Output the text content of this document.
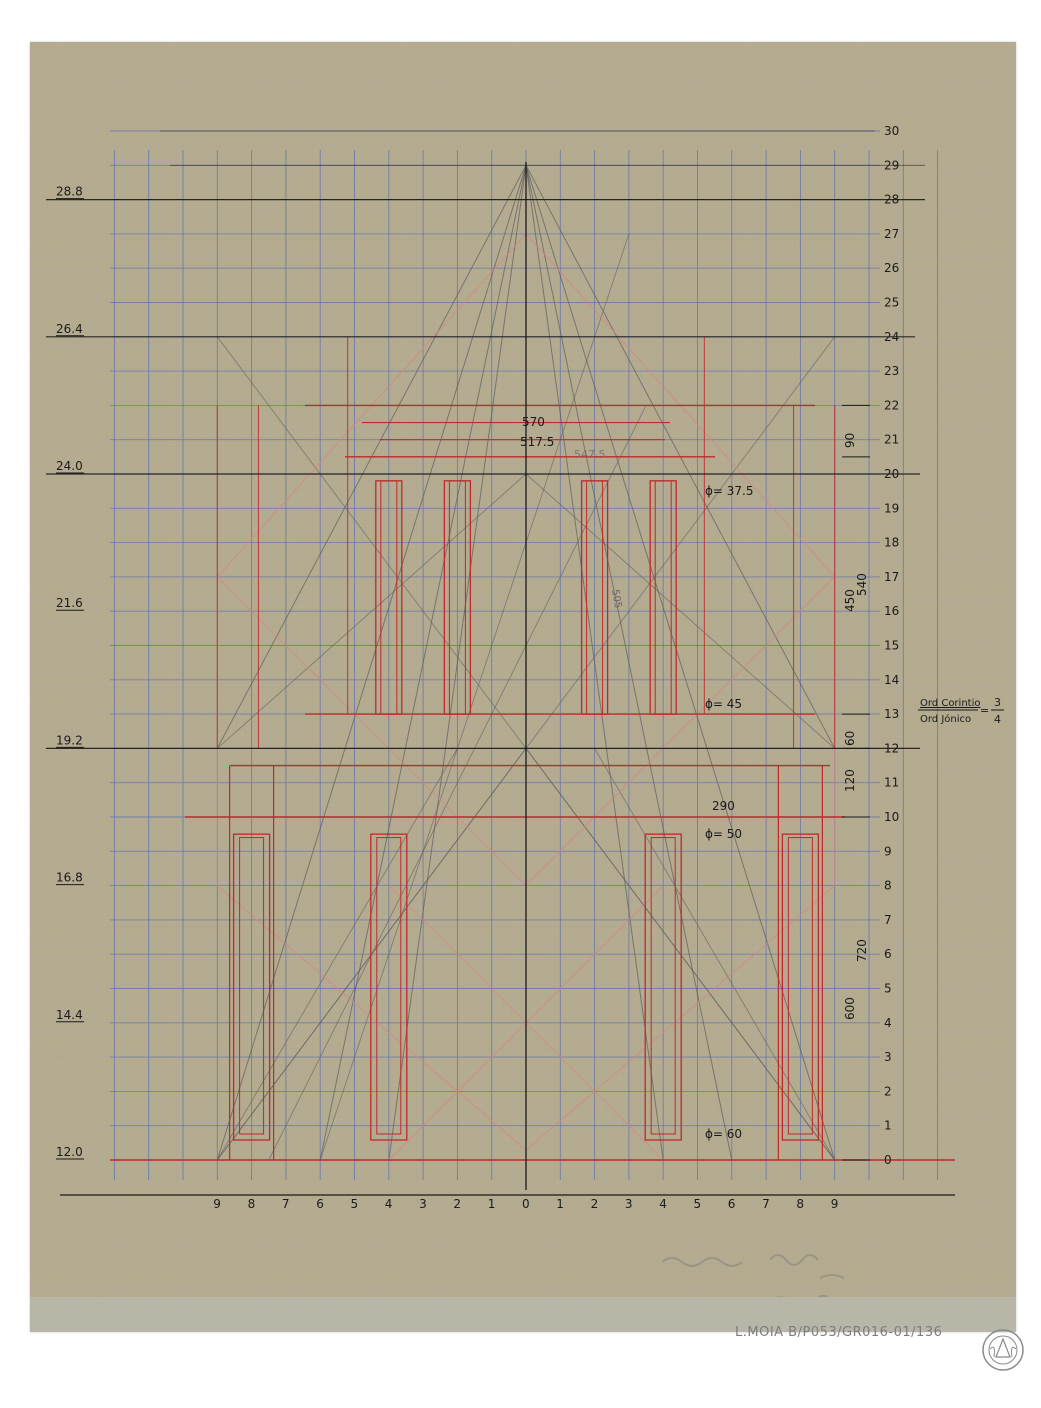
570
517.5
547.5
505
ϕ= 37.5
ϕ= 45
290
ϕ= 50
ϕ= 60
90
450
540
60
120
720
600
Ord Corintio
Ord Jónico
=
3
4
30
29
28
27
26
25
24
23
22
21
20
19
18
17
16
15
14
13
12
11
10
9
8
7
6
5
4
3
2
1
0
9 8 7 6 5 4 3 2 1 0 1 2 3 4 5 6 7 8 9
28.8
26.4
24.0
21.6
19.2
16.8
14.4
12.0
L.MOIA B/P053/GR016-01/136
